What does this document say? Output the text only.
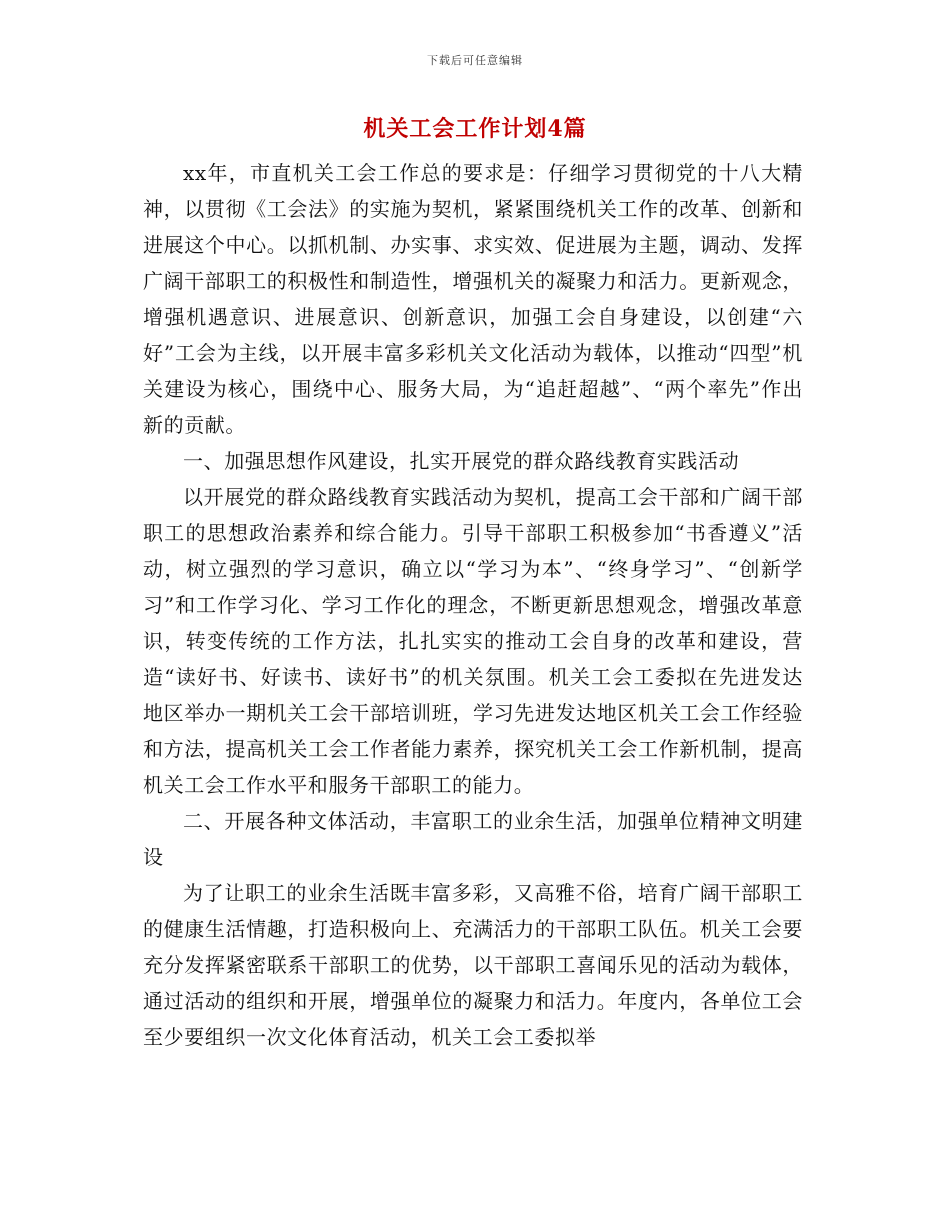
下载后可任意编辑
机关工会工作计划4篇

xx年，市直机关工会工作总的要求是：仔细学习贯彻党的十八大精神，以贯彻《工会法》的实施为契机，紧紧围绕机关工作的改革、创新和进展这个中心。以抓机制、办实事、求实效、促进展为主题，调动、发挥广阔干部职工的积极性和制造性，增强机关的凝聚力和活力。更新观念，增强机遇意识、进展意识、创新意识，加强工会自身建设，以创建“六好”工会为主线，以开展丰富多彩机关文化活动为载体，以推动“四型”机关建设为核心，围绕中心、服务大局，为“追赶超越”、“两个率先”作出新的贡献。

一、加强思想作风建设，扎实开展党的群众路线教育实践活动

以开展党的群众路线教育实践活动为契机，提高工会干部和广阔干部职工的思想政治素养和综合能力。引导干部职工积极参加“书香遵义”活动，树立强烈的学习意识，确立以“学习为本”、“终身学习”、“创新学习”和工作学习化、学习工作化的理念，不断更新思想观念，增强改革意识，转变传统的工作方法，扎扎实实的推动工会自身的改革和建设，营造“读好书、好读书、读好书”的机关氛围。机关工会工委拟在先进发达地区举办一期机关工会干部培训班，学习先进发达地区机关工会工作经验和方法，提高机关工会工作者能力素养，探究机关工会工作新机制，提高机关工会工作水平和服务干部职工的能力。

二、开展各种文体活动，丰富职工的业余生活，加强单位精神文明建设

为了让职工的业余生活既丰富多彩，又高雅不俗，培育广阔干部职工的健康生活情趣，打造积极向上、充满活力的干部职工队伍。机关工会要充分发挥紧密联系干部职工的优势，以干部职工喜闻乐见的活动为载体，通过活动的组织和开展，增强单位的凝聚力和活力。年度内，各单位工会至少要组织一次文化体育活动，机关工会工委拟举
